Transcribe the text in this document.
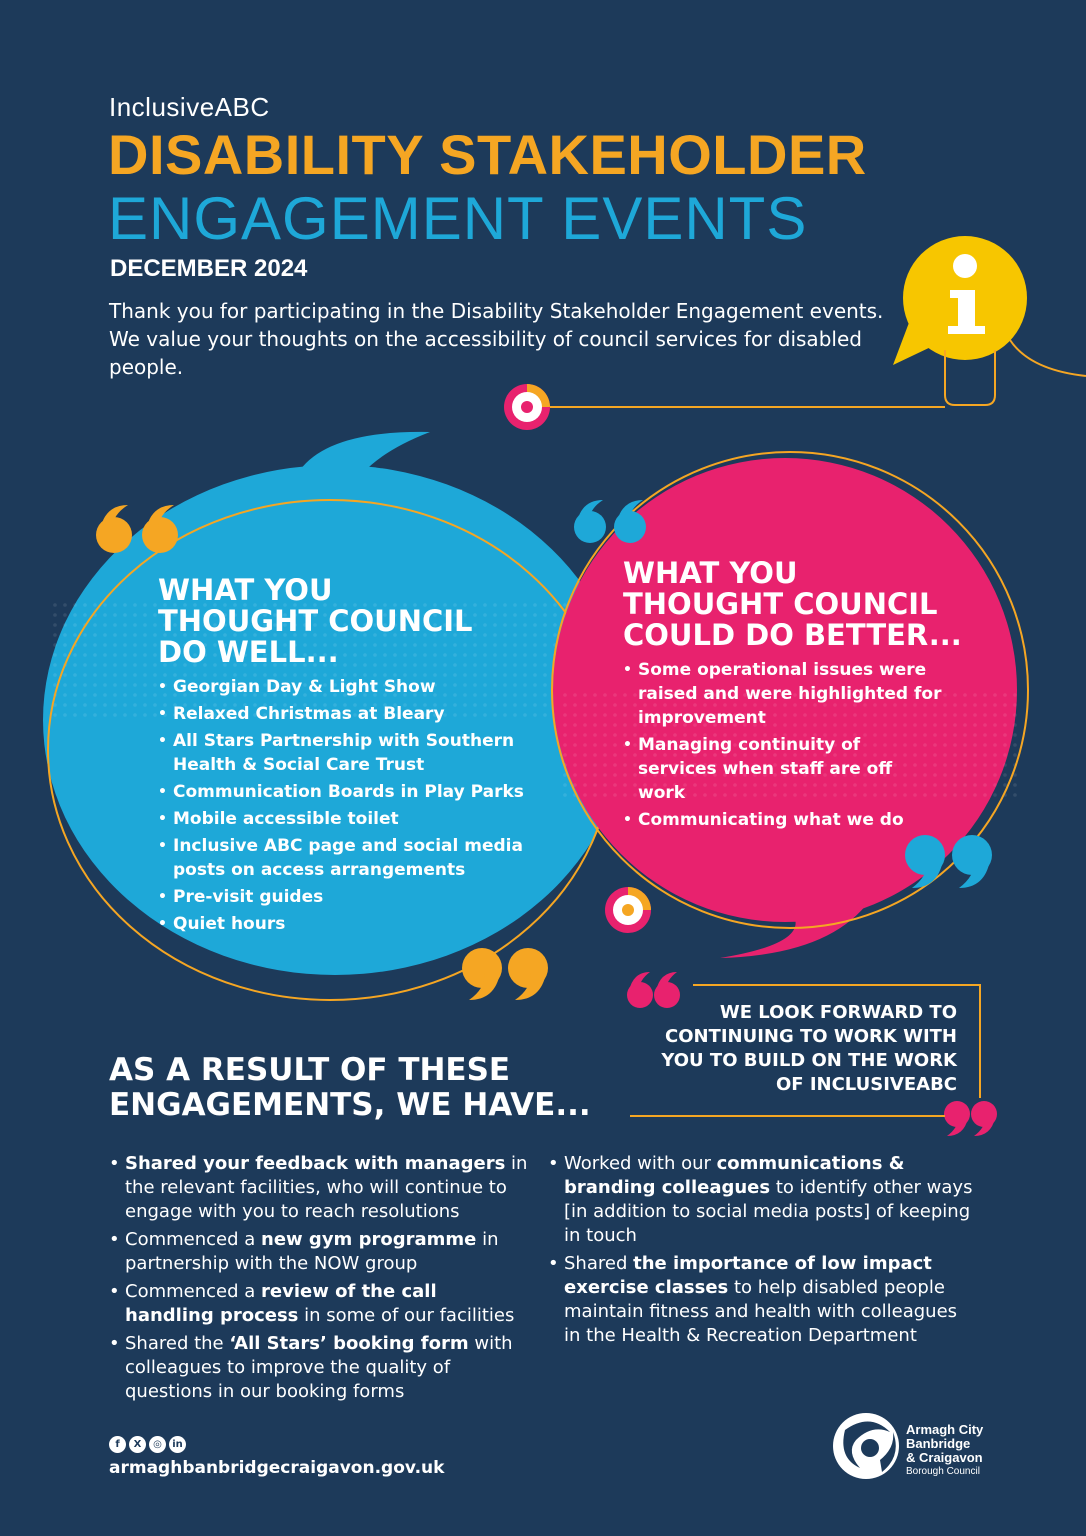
InclusiveABC
DISABILITY STAKEHOLDER
ENGAGEMENT EVENTS
DECEMBER 2024
Thank you for participating in the Disability Stakeholder Engagement events. We value your thoughts on the accessibility of council services for disabled people.
WHAT YOU
THOUGHT COUNCIL
DO WELL...
• Georgian Day & Light Show
• Relaxed Christmas at Bleary
• All Stars Partnership with Southern Health & Social Care Trust
• Communication Boards in Play Parks
• Mobile accessible toilet
• Inclusive ABC page and social media posts on access arrangements
• Pre-visit guides
• Quiet hours
WHAT YOU
THOUGHT COUNCIL
COULD DO BETTER...
• Some operational issues were raised and were highlighted for improvement
• Managing continuity of services when staff are off work
• Communicating what we do
WE LOOK FORWARD TO
CONTINUING TO WORK WITH
YOU TO BUILD ON THE WORK
OF INCLUSIVEABC
AS A RESULT OF THESE
ENGAGEMENTS, WE HAVE...
• Shared your feedback with managers in the relevant facilities, who will continue to engage with you to reach resolutions
• Commenced a new gym programme in partnership with the NOW group
• Commenced a review of the call handling process in some of our facilities
• Shared the ‘All Stars’ booking form with colleagues to improve the quality of questions in our booking forms
• Worked with our communications & branding colleagues to identify other ways [in addition to social media posts] of keeping in touch
• Shared the importance of low impact exercise classes to help disabled people maintain fitness and health with colleagues in the Health & Recreation Department
f	X	◎	in
armaghbanbridgecraigavon.gov.uk
Armagh City
Banbridge
& Craigavon
Borough Council
